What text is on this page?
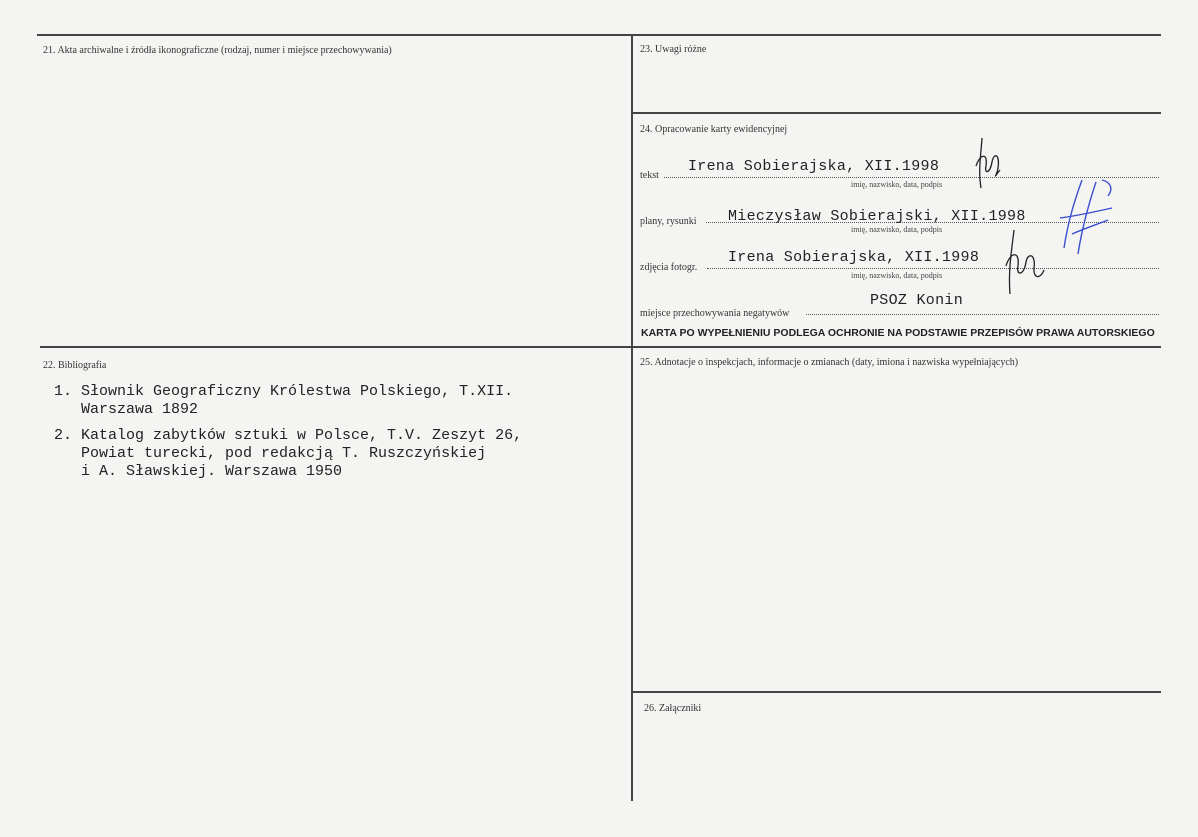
21. Akta archiwalne i źródła ikonograficzne (rodzaj, numer i miejsce przechowywania)	23. Uwagi różne
24. Opracowanie karty ewidencyjnej
tekst
Irena Sobierajska, XII.1998
imię, nazwisko, data, podpis
plany, rysunki Mieczysław Sobierajski, XII.1998
imię, nazwisko, data, podpis
zdjęcia fotogr.
Irena Sobierajska, XII.1998
imię, nazwisko, data, podpis
miejsce przechowywania negatywów
PSOZ Konin
KARTA PO WYPEŁNIENIU PODLEGA OCHRONIE NA PODSTAWIE PRZEPISÓW PRAWA AUTORSKIEGO
22. Bibliografia
1. Słownik Geograficzny Królestwa Polskiego, T.XII.
Warszawa 1892
2. Katalog zabytków sztuki w Polsce, T.V. Zeszyt 26,
Powiat turecki, pod redakcją T. Ruszczyńskiej
i A. Sławskiej. Warszawa 1950
25. Adnotacje o inspekcjach, informacje o zmianach (daty, imiona i nazwiska wypełniających)
26. Załączniki
